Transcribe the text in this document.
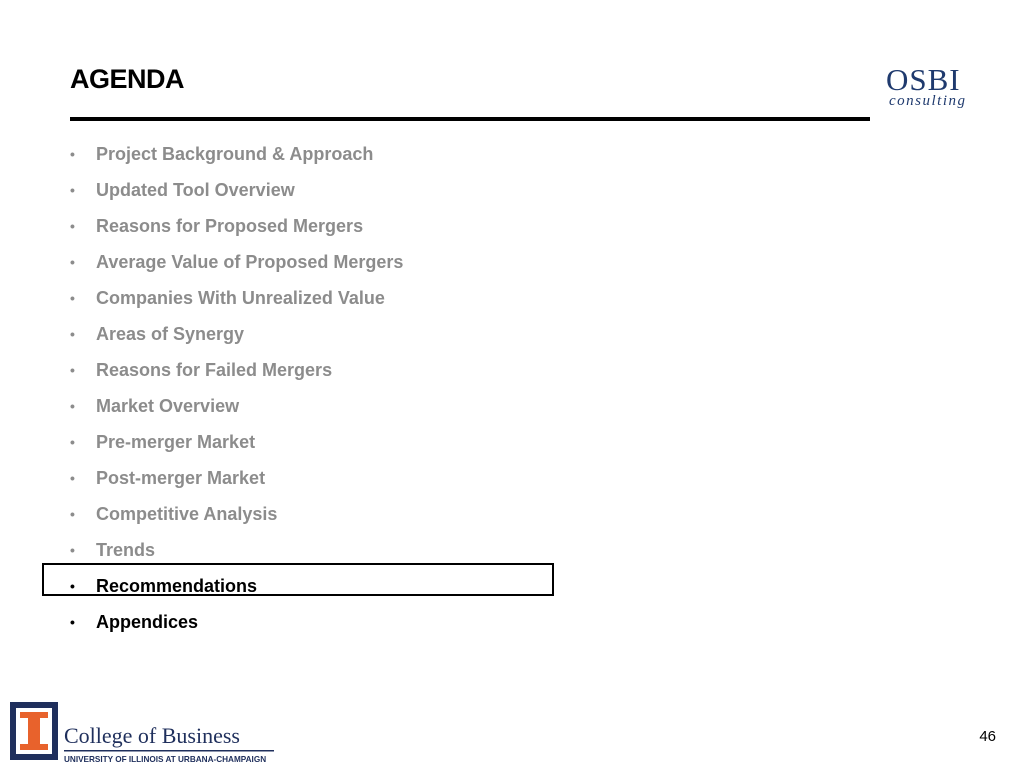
AGENDA	OSBI
consulting
•	Project Background & Approach
•	Updated Tool Overview
•	Reasons for Proposed Mergers
•	Average Value of Proposed Mergers
•	Companies With Unrealized Value
•	Areas of Synergy
•	Reasons for Failed Mergers
•	Market Overview
•	Pre-merger Market
•	Post-merger Market
•	Competitive Analysis
•	Trends
•	Recommendations
•	Appendices
College of Business
UNIVERSITY OF ILLINOIS AT URBANA-CHAMPAIGN
46
